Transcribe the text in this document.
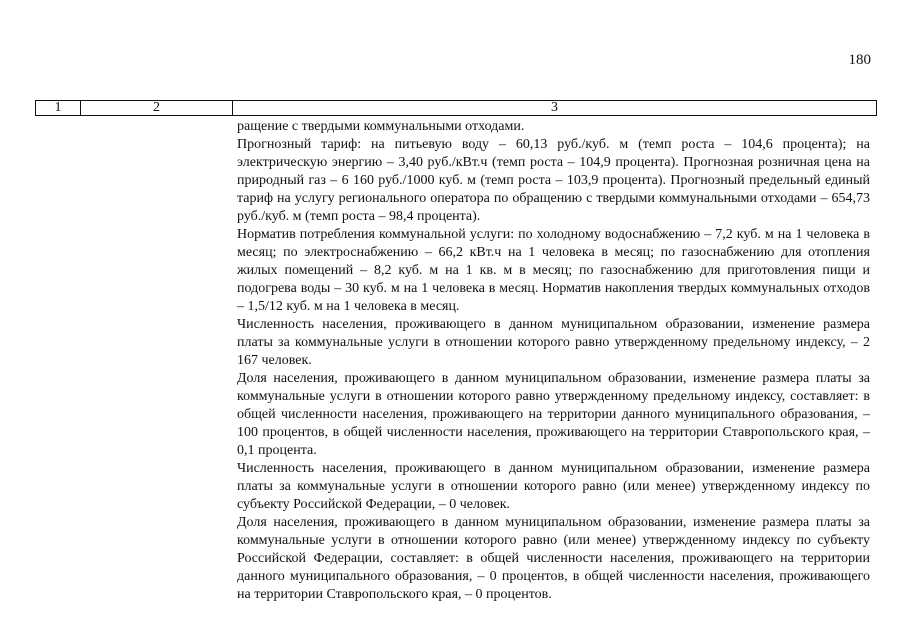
180
1	2	3

ращение с твердыми коммунальными отходами.

Прогнозный тариф: на питьевую воду – 60,13 руб./куб. м (темп роста – 104,6 процента); на электрическую энергию – 3,40 руб./кВт.ч (темп роста – 104,9 процента). Прогнозная розничная цена на природный газ – 6 160 руб./1000 куб. м (темп роста – 103,9 процента). Прогнозный предельный единый тариф на услугу регионального оператора по обращению с твердыми коммунальными отходами – 654,73 руб./куб. м (темп роста – 98,4 процента).

Норматив потребления коммунальной услуги: по холодному водоснабжению – 7,2 куб. м на 1 человека в месяц; по электроснабжению – 66,2 кВт.ч на 1 человека в месяц; по газоснабжению для отопления жилых помещений – 8,2 куб. м на 1 кв. м в месяц; по газоснабжению для приготовления пищи и подогрева воды – 30 куб. м на 1 человека в месяц. Норматив накопления твердых коммунальных отходов – 1,5/12 куб. м на 1 человека в месяц.

Численность населения, проживающего в данном муниципальном образовании, изменение размера платы за коммунальные услуги в отношении которого равно утвержденному предельному индексу, – 2 167 человек.

Доля населения, проживающего в данном муниципальном образовании, изменение размера платы за коммунальные услуги в отношении которого равно утвержденному предельному индексу, составляет: в общей численности населения, проживающего на территории данного муниципального образования, – 100 процентов, в общей численности населения, проживающего на территории Ставропольского края, – 0,1 процента.

Численность населения, проживающего в данном муниципальном образовании, изменение размера платы за коммунальные услуги в отношении которого равно (или менее) утвержденному индексу по субъекту Российской Федерации, – 0 человек.

Доля населения, проживающего в данном муниципальном образовании, изменение размера платы за коммунальные услуги в отношении которого равно (или менее) утвержденному индексу по субъекту Российской Федерации, составляет: в общей численности населения, проживающего на территории данного муниципального образования, – 0 процентов, в общей численности населения, проживающего на территории Ставропольского края, – 0 процентов.
